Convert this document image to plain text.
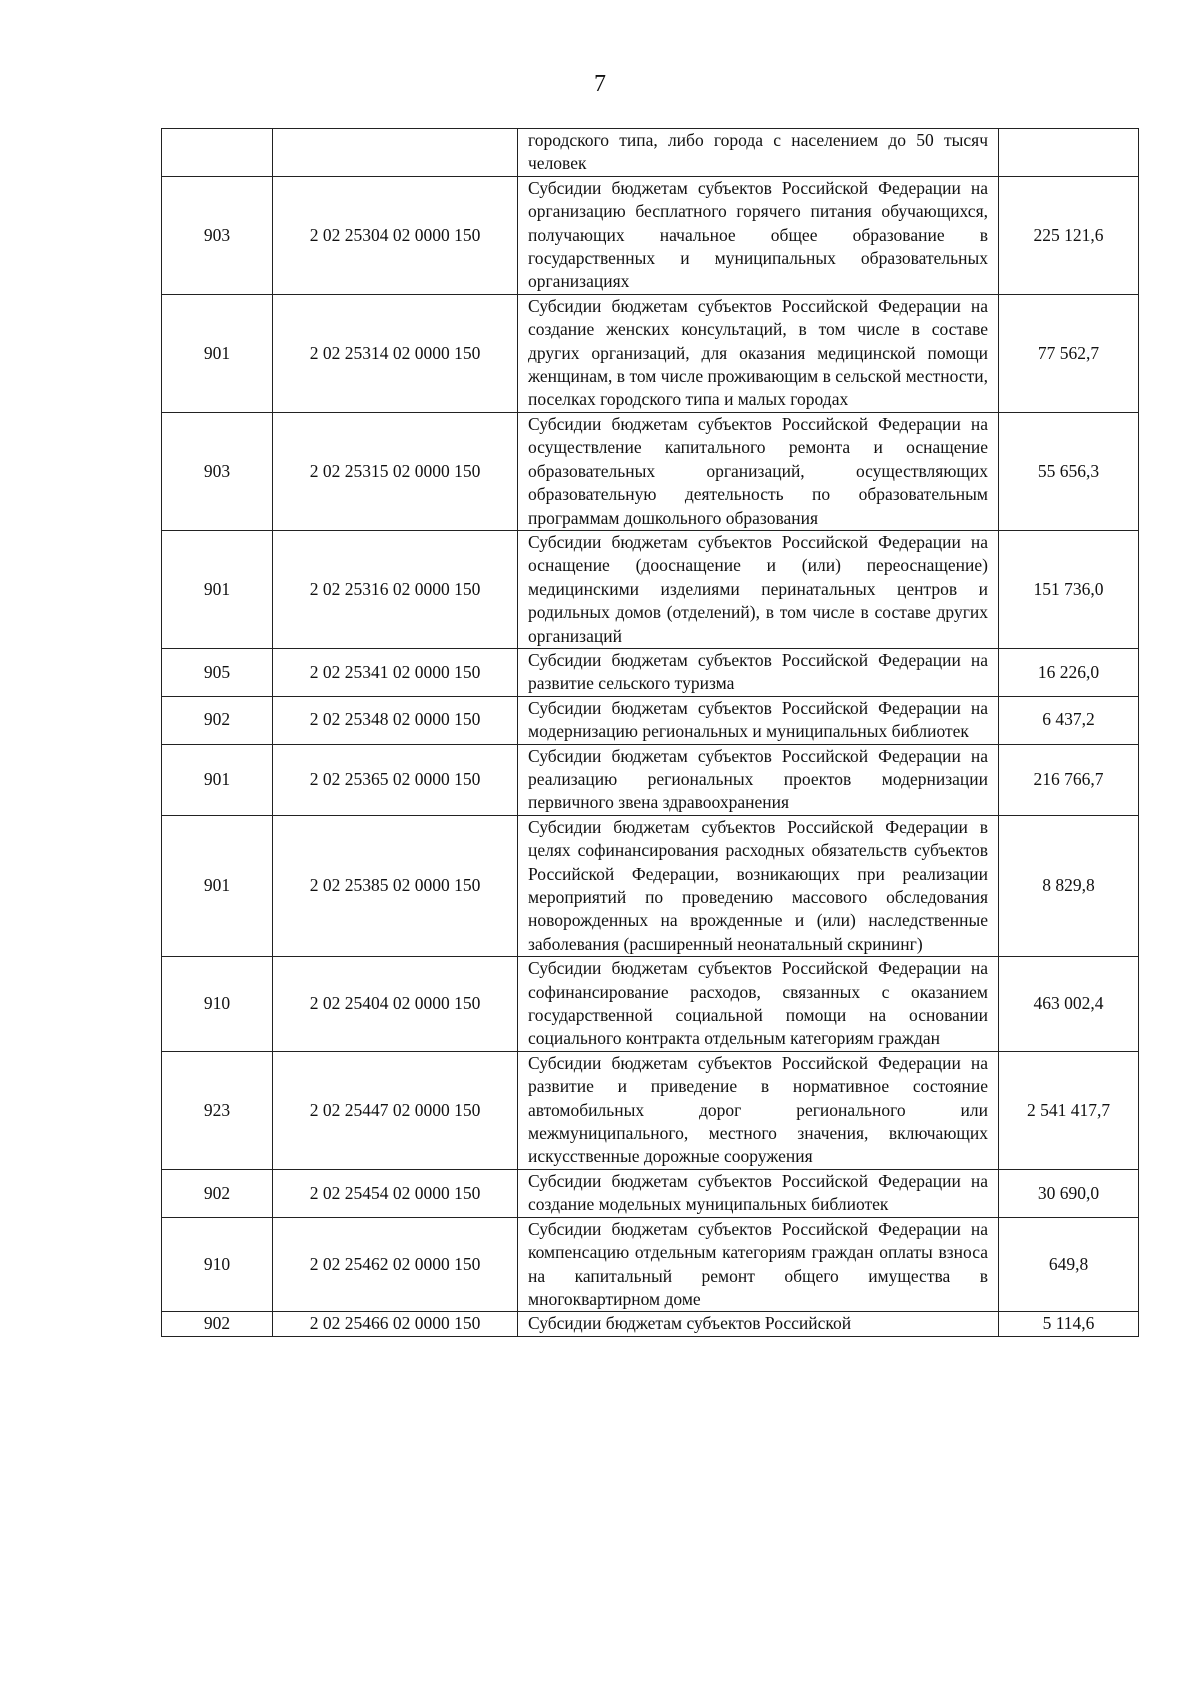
7
		городского типа, либо города с населением до 50 тысяч человек	
903	2 02 25304 02 0000 150	Субсидии бюджетам субъектов Российской Федерации на организацию бесплатного горячего питания обучающихся, получающих начальное общее образование в государственных и муниципальных образовательных организациях	225 121,6
901	2 02 25314 02 0000 150	Субсидии бюджетам субъектов Российской Федерации на создание женских консультаций, в том числе в составе других организаций, для оказания медицинской помощи женщинам, в том числе проживающим в сельской местности, поселках городского типа и малых городах	77 562,7
903	2 02 25315 02 0000 150	Субсидии бюджетам субъектов Российской Федерации на осуществление капитального ремонта и оснащение образовательных организаций, осуществляющих образовательную деятельность по образовательным программам дошкольного образования	55 656,3
901	2 02 25316 02 0000 150	Субсидии бюджетам субъектов Российской Федерации на оснащение (дооснащение и (или) переоснащение) медицинскими изделиями перинатальных центров и родильных домов (отделений), в том числе в составе других организаций	151 736,0
905	2 02 25341 02 0000 150	Субсидии бюджетам субъектов Российской Федерации на развитие сельского туризма	16 226,0
902	2 02 25348 02 0000 150	Субсидии бюджетам субъектов Российской Федерации на модернизацию региональных и муниципальных библиотек	6 437,2
901	2 02 25365 02 0000 150	Субсидии бюджетам субъектов Российской Федерации на реализацию региональных проектов модернизации первичного звена здравоохранения	216 766,7
901	2 02 25385 02 0000 150	Субсидии бюджетам субъектов Российской Федерации в целях софинансирования расходных обязательств субъектов Российской Федерации, возникающих при реализации мероприятий по проведению массового обследования новорожденных на врожденные и (или) наследственные заболевания (расширенный неонатальный скрининг)	8 829,8
910	2 02 25404 02 0000 150	Субсидии бюджетам субъектов Российской Федерации на софинансирование расходов, связанных с оказанием государственной социальной помощи на основании социального контракта отдельным категориям граждан	463 002,4
923	2 02 25447 02 0000 150	Субсидии бюджетам субъектов Российской Федерации на развитие и приведение в нормативное состояние автомобильных дорог регионального или межмуниципального, местного значения, включающих искусственные дорожные сооружения	2 541 417,7
902	2 02 25454 02 0000 150	Субсидии бюджетам субъектов Российской Федерации на создание модельных муниципальных библиотек	30 690,0
910	2 02 25462 02 0000 150	Субсидии бюджетам субъектов Российской Федерации на компенсацию отдельным категориям граждан оплаты взноса на капитальный ремонт общего имущества в многоквартирном доме	649,8
902	2 02 25466 02 0000 150	Субсидии бюджетам субъектов Российской	5 114,6
